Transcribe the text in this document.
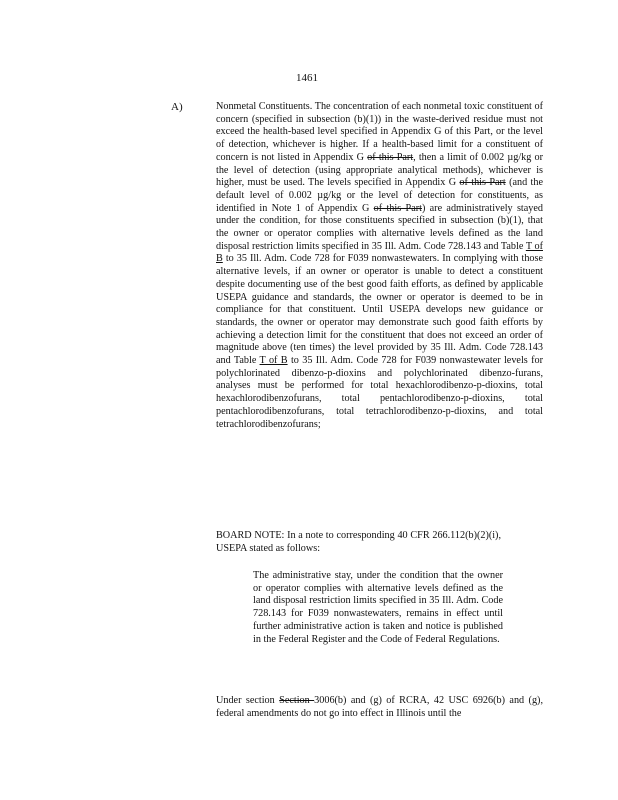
1461
A)	Nonmetal Constituents. The concentration of each nonmetal toxic constituent of concern (specified in subsection (b)(1)) in the waste-derived residue must not exceed the health-based level specified in Appendix G of this Part, or the level of detection, whichever is higher. If a health-based limit for a constituent of concern is not listed in Appendix G of this Part, then a limit of 0.002 µg/kg or the level of detection (using appropriate analytical methods), whichever is higher, must be used. The levels specified in Appendix G of this Part (and the default level of 0.002 µg/kg or the level of detection for constituents, as identified in Note 1 of Appendix G of this Part) are administratively stayed under the condition, for those constituents specified in subsection (b)(1), that the owner or operator complies with alternative levels defined as the land disposal restriction limits specified in 35 Ill. Adm. Code 728.143 and Table T of B to 35 Ill. Adm. Code 728 for F039 nonwastewaters. In complying with those alternative levels, if an owner or operator is unable to detect a constituent despite documenting use of the best good faith efforts, as defined by applicable USEPA guidance and standards, the owner or operator is deemed to be in compliance for that constituent. Until USEPA develops new guidance or standards, the owner or operator may demonstrate such good faith efforts by achieving a detection limit for the constituent that does not exceed an order of magnitude above (ten times) the level provided by 35 Ill. Adm. Code 728.143 and Table T of B to 35 Ill. Adm. Code 728 for F039 nonwastewater levels for polychlorinated dibenzo-p-dioxins and polychlorinated dibenzo-furans, analyses must be performed for total hexachlorodibenzo-p-dioxins, total hexachlorodibenzofurans, total pentachlorodibenzo-p-dioxins, total pentachlorodibenzofurans, total tetrachlorodibenzo-p-dioxins, and total tetrachlorodibenzofurans;
BOARD NOTE: In a note to corresponding 40 CFR 266.112(b)(2)(i), USEPA stated as follows:
The administrative stay, under the condition that the owner or operator complies with alternative levels defined as the land disposal restriction limits specified in 35 Ill. Adm. Code 728.143 for F039 nonwastewaters, remains in effect until further administrative action is taken and notice is published in the Federal Register and the Code of Federal Regulations.
Under section Section 3006(b) and (g) of RCRA, 42 USC 6926(b) and (g), federal amendments do not go into effect in Illinois until the
